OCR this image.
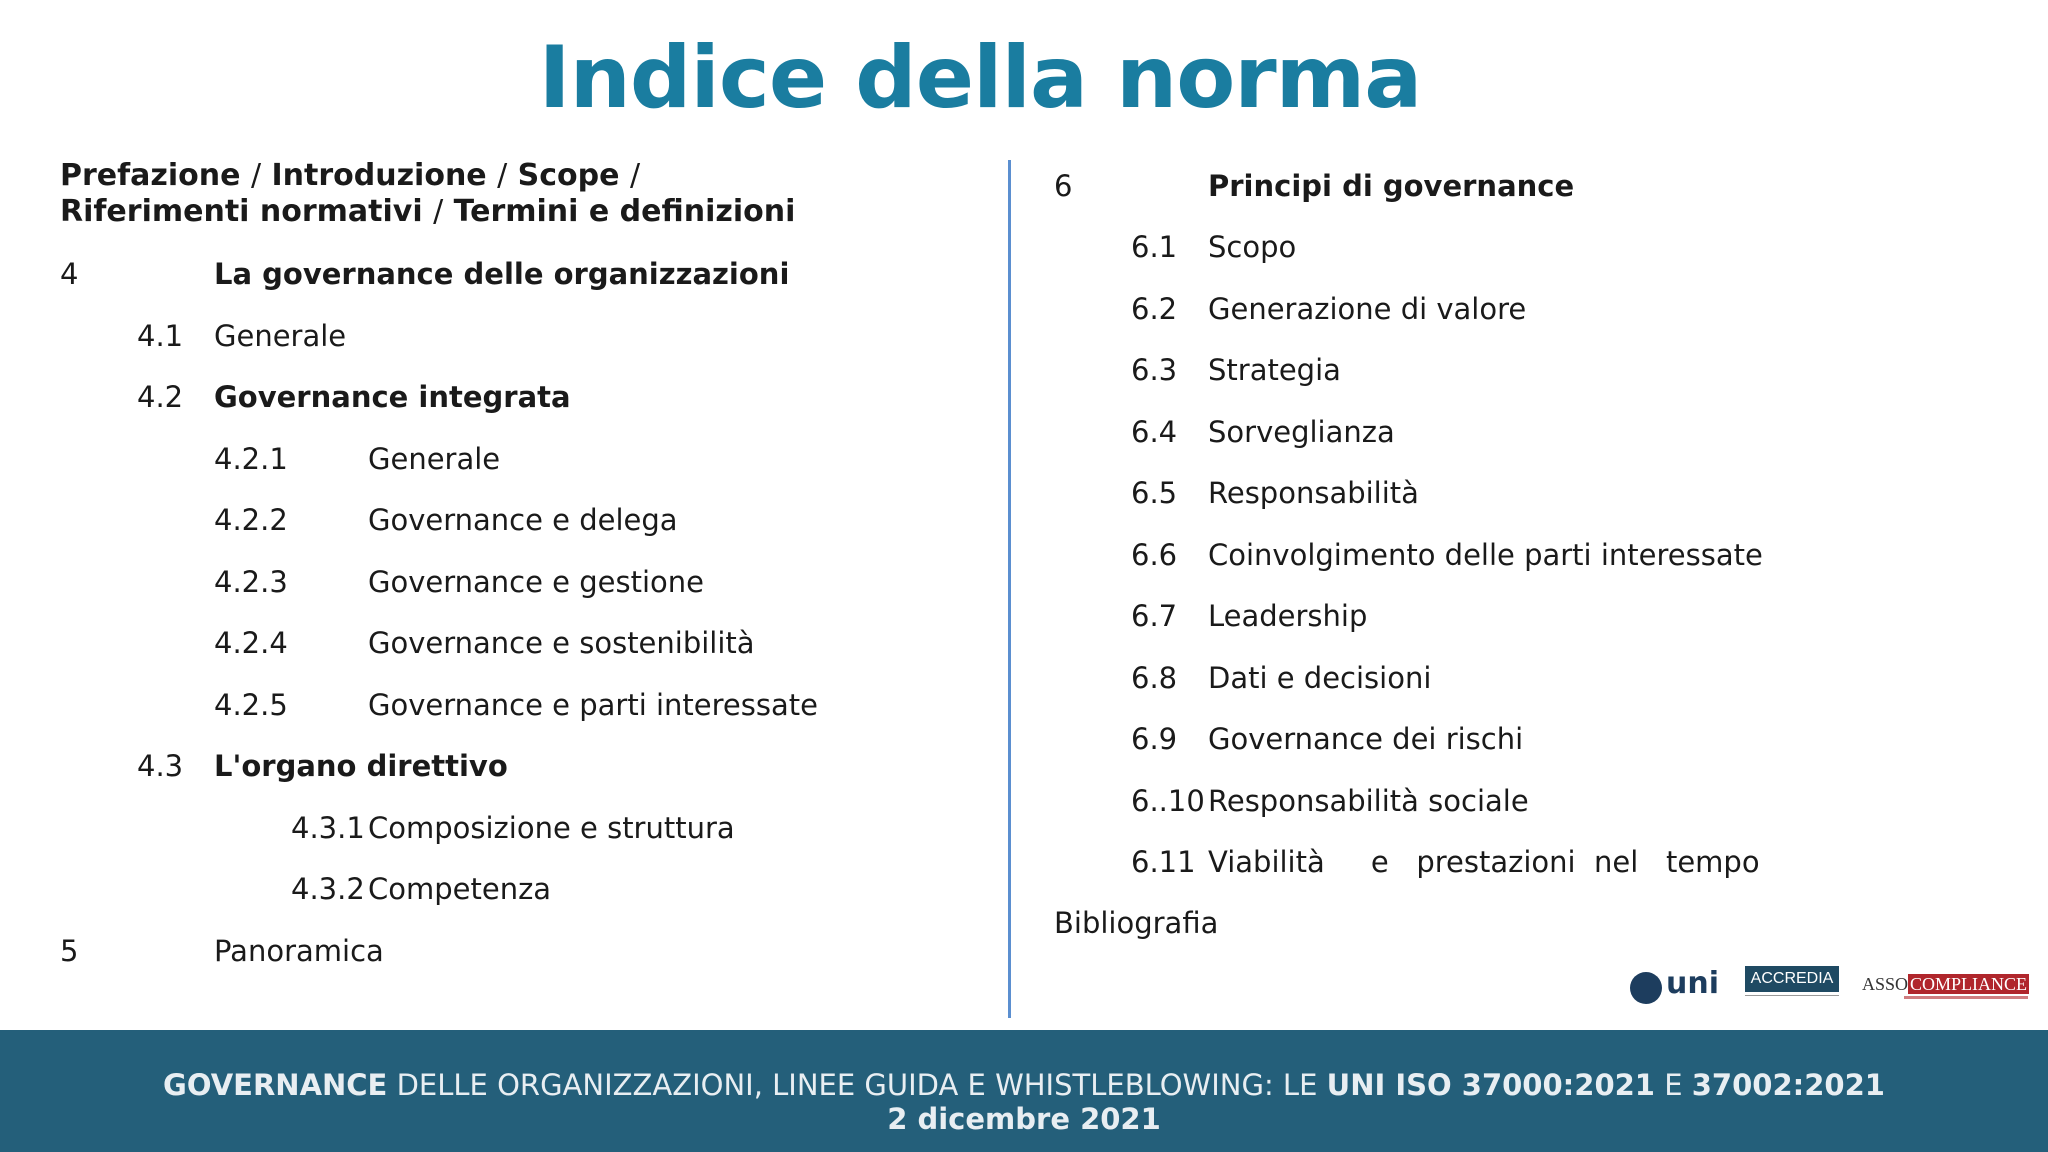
Indice della norma
Prefazione / Introduzione / Scope /
Riferimenti normativi / Termini e definizioni
4	La governance delle organizzazioni
4.1 Generale
4.2 Governance integrata
4.2.1	Generale
4.2.2	Governance e delega
4.2.3	Governance e gestione
4.2.4	Governance e sostenibilità
4.2.5	Governance e parti interessate
4.3 L'organo direttivo
4.3.1 Composizione e struttura
4.3.2 Competenza
5	Panoramica
6	Principi di governance
6.1 Scopo
6.2 Generazione di valore
6.3 Strategia
6.4 Sorveglianza
6.5 Responsabilità
6.6 Coinvolgimento delle parti interessate
6.7 Leadership
6.8 Dati e decisioni
6.9 Governance dei rischi
6..10 Responsabilità sociale
6.11 Viabilità     e   prestazioni  nel   tempo
Bibliografia
uni	ACCREDIA	ASSO COMPLIANCE
GOVERNANCE DELLE ORGANIZZAZIONI, LINEE GUIDA E WHISTLEBLOWING: LE UNI ISO 37000:2021 E 37002:2021
2 dicembre 2021
